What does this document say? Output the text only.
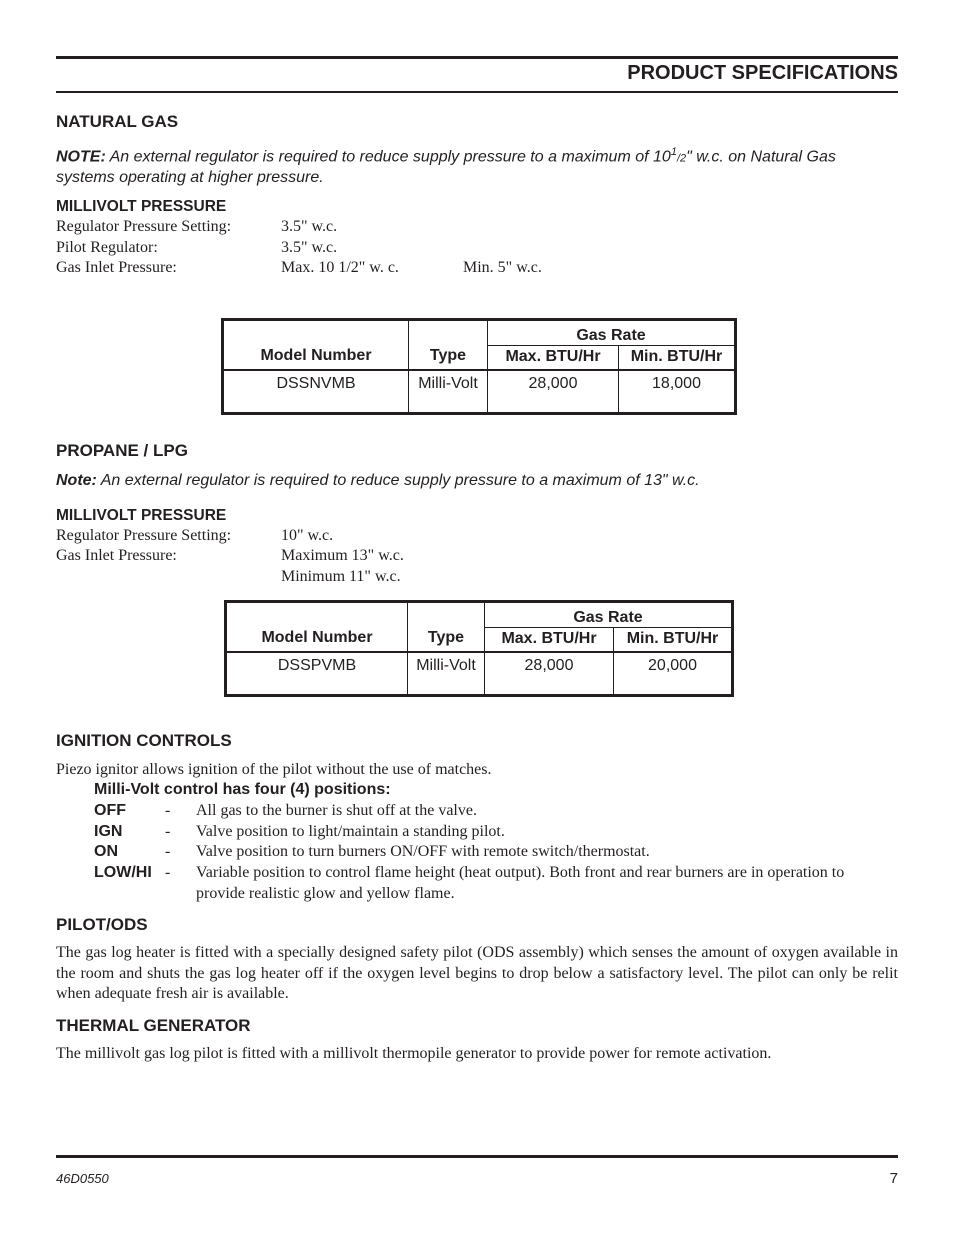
PRODUCT SPECIFICATIONS
NATURAL GAS
NOTE: An external regulator is required to reduce supply pressure to a maximum of $10^1/2$" w.c. on Natural Gas systems operating at higher pressure.
MILLIVOLT PRESSURE
Regulator Pressure Setting:	3.5" w.c.
Pilot Regulator:	3.5" w.c.
Gas Inlet Pressure:	Max. 10 1/2" w. c.	Min. 5" w.c.
Model Number	Type	Gas Rate	
		Max. BTU/Hr	Min. BTU/Hr
DSSNVMB	Milli-Volt	28,000	18,000
PROPANE / LPG
Note: An external regulator is required to reduce supply pressure to a maximum of 13" w.c.
MILLIVOLT PRESSURE
Regulator Pressure Setting:	10" w.c.
Gas Inlet Pressure:	Maximum 13" w.c.
Minimum 11" w.c.
Model Number	Type	Gas Rate	
		Max. BTU/Hr	Min. BTU/Hr
DSSPVMB	Milli-Volt	28,000	20,000
IGNITION CONTROLS
Piezo ignitor allows ignition of the pilot without the use of matches.
Milli-Volt control has four (4) positions:
OFF - All gas to the burner is shut off at the valve.
IGN	- Valve position to light/maintain a standing pilot.
ON	- Valve position to turn burners ON/OFF with remote switch/thermostat.
LOW/HI - Variable position to control flame height (heat output). Both front and rear burners are in operation to provide realistic glow and yellow flame.
PILOT/ODS
The gas log heater is fitted with a specially designed safety pilot (ODS assembly) which senses the amount of oxygen available in the room and shuts the gas log heater off if the oxygen level begins to drop below a satisfactory level. The pilot can only be relit when adequate fresh air is available.
THERMAL GENERATOR
The millivolt gas log pilot is fitted with a millivolt thermopile generator to provide power for remote activation.
46D0550	7
